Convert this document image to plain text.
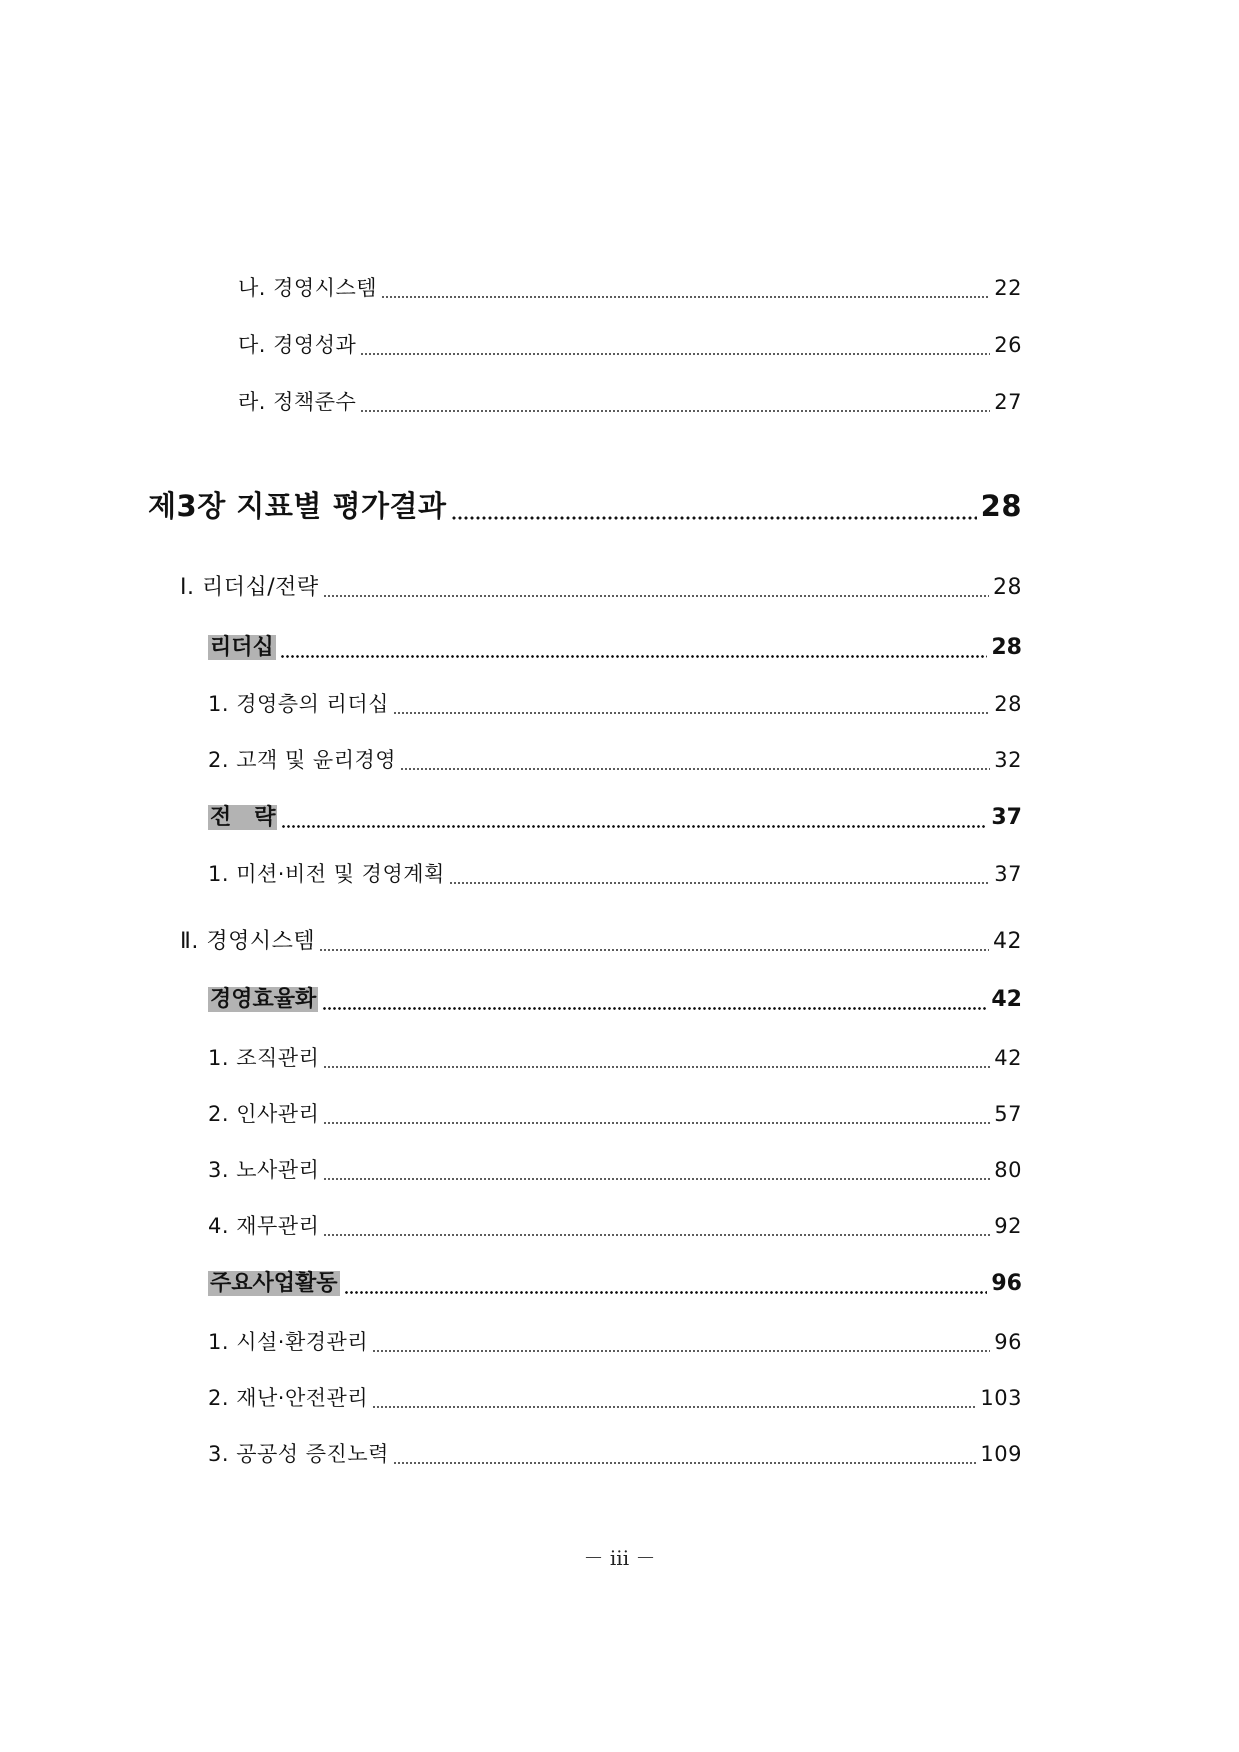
나. 경영시스템	22
다. 경영성과	26
라. 정책준수	27
제3장 지표별 평가결과	28
Ⅰ. 리더십/전략	28
리더십	28
1. 경영층의 리더십	28
2. 고객 및 윤리경영	32
전   략	37
1. 미션·비전 및 경영계획	37
Ⅱ. 경영시스템	42
경영효율화	42
1. 조직관리	42
2. 인사관리	57
3. 노사관리	80
4. 재무관리	92
주요사업활동	96
1. 시설·환경관리	96
2. 재난·안전관리	103
3. 공공성 증진노력	109
－ iii －
